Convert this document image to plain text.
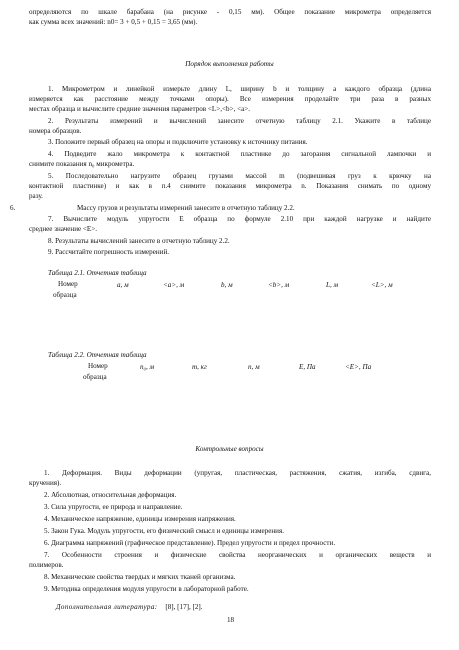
определяются по шкале барабана (на рисунке - 0,15 мм). Общее показание микрометра определяется
как сумма всех значений: n0= 3 + 0,5 + 0,15 = 3,65 (мм).
Порядок выполнения работы
1. Микрометром и линейкой измерьте длину L, ширину b и толщину a каждого образца (длина
измеряется как расстояние между точками опоры). Все измерения проделайте три раза в разных
местах образца и вычислите средние значения параметров <L>,<b>, <a>.
2. Результаты измерений и вычислений занесите отчетную таблицу 2.1. Укажите в таблице
номера образцов.
3. Положите первый образец на опоры и подключите установку к источнику питания.
4. Подведите жало микрометра к контактной пластинке до загорания сигнальной лампочки и
снимите показания n₀ микрометра.
5. Последовательно нагрузите образец грузами массой m (подвешивая груз к крючку на
контактной пластинке) и как в п.4 снимите показания микрометра n. Показания снимать по одному
разу.
6.	Массу грузов и результаты измерений занесите в отчетную таблицу 2.2.
7. Вычислите модуль упругости E образца по формуле 2.10 при каждой нагрузке и найдите
среднее значение <E>.
8. Результаты вычислений занесите в отчетную таблицу 2.2.
9. Рассчитайте погрешность измерений.
Таблица 2.1. Отчетная таблица
Номер
образца
a, м	<a>, м	b, м	<b>, м	L, м	<L>, м
Таблица 2.2. Отчетная таблица
Номер
образца
n₀, м	m, кг	n, м	E, Па	<E>, Па
Контрольные вопросы
1. Деформация. Виды деформации (упругая, пластическая, растяжения, сжатия, изгиба, сдвига,
кручения).
2. Абсолютная, относительная деформация.
3. Сила упругости, ее природа и направление.
4. Механическое напряжение, единицы измерения напряжения.
5. Закон Гука. Модуль упругости, его физический смысл и единицы измерения.
6. Диаграмма напряжений (графическое представление). Предел упругости и предел прочности.
7. Особенности строения и физические свойства неорганических и органических веществ и
полимеров.
8. Механические свойства твердых и мягких тканей организма.
9. Методика определения модуля упругости в лабораторной работе.
Дополнительная литература: [8], [17], [2].
18
